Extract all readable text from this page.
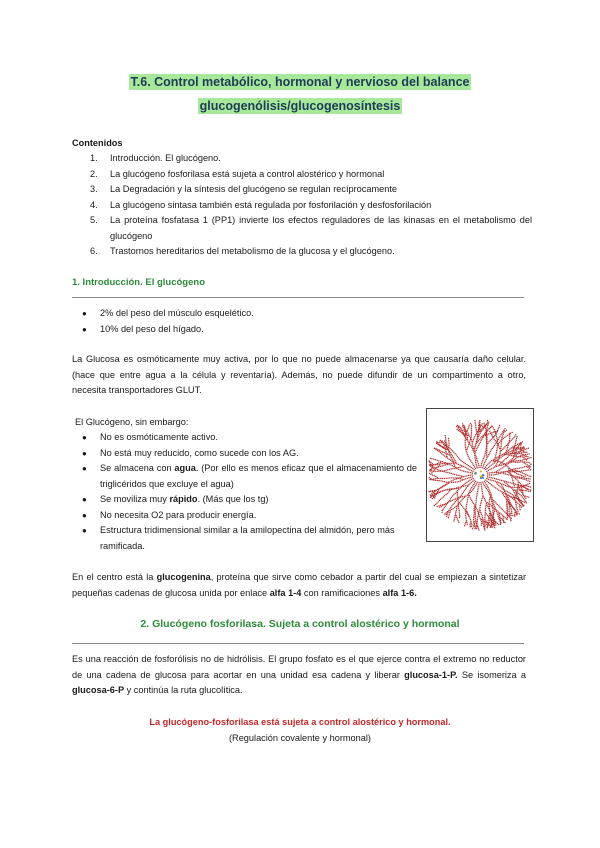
T.6. Control metabólico, hormonal y nervioso del balance
glucogenólisis/glucogenosíntesis
Contenidos
1. Introducción. El glucógeno.
2. La glucógeno fosforilasa está sujeta a control alostérico y hormonal
3. La Degradación y la síntesis del glucógeno se regulan recíprocamente
4. La glucógeno sintasa también está regulada por fosforilación y desfosforilación
5. La proteína fosfatasa 1 (PP1) invierte los efectos reguladores de las kinasas en el metabolismo del glucógeno
6. Trastornos hereditarios del metabolismo de la glucosa y el glucógeno.
1. Introducción. El glucógeno
● 2% del peso del músculo esquelético.
● 10% del peso del hígado.
La Glucosa es osmóticamente muy activa, por lo que no puede almacenarse ya que causaría daño celular. (hace que entre agua a la célula y reventaría). Además, no puede difundir de un compartimento a otro, necesita transportadores GLUT.
El Glucógeno, sin embargo:
● No es osmóticamente activo.
● No está muy reducido, como sucede con los AG.
● Se almacena con agua. (Por ello es menos eficaz que el almacenamiento de triglicéridos que excluye el agua)
● Se moviliza muy rápido. (Más que los tg)
● No necesita O2 para producir energía.
● Estructura tridimensional similar a la amilopectina del almidón, pero más ramificada.
En el centro está la glucogenina, proteína que sirve como cebador a partir del cual se empiezan a sintetizar pequeñas cadenas de glucosa unida por enlace alfa 1-4 con ramificaciones alfa 1-6.
2. Glucógeno fosforilasa. Sujeta a control alostérico y hormonal
Es una reacción de fosforólisis no de hidrólisis. El grupo fosfato es el que ejerce contra el extremo no reductor de una cadena de glucosa para acortar en una unidad esa cadena y liberar glucosa-1-P. Se isomeriza a glucosa-6-P y continúa la ruta glucolítica.
La glucógeno-fosforilasa está sujeta a control alostérico y hormonal.
(Regulación covalente y hormonal)
